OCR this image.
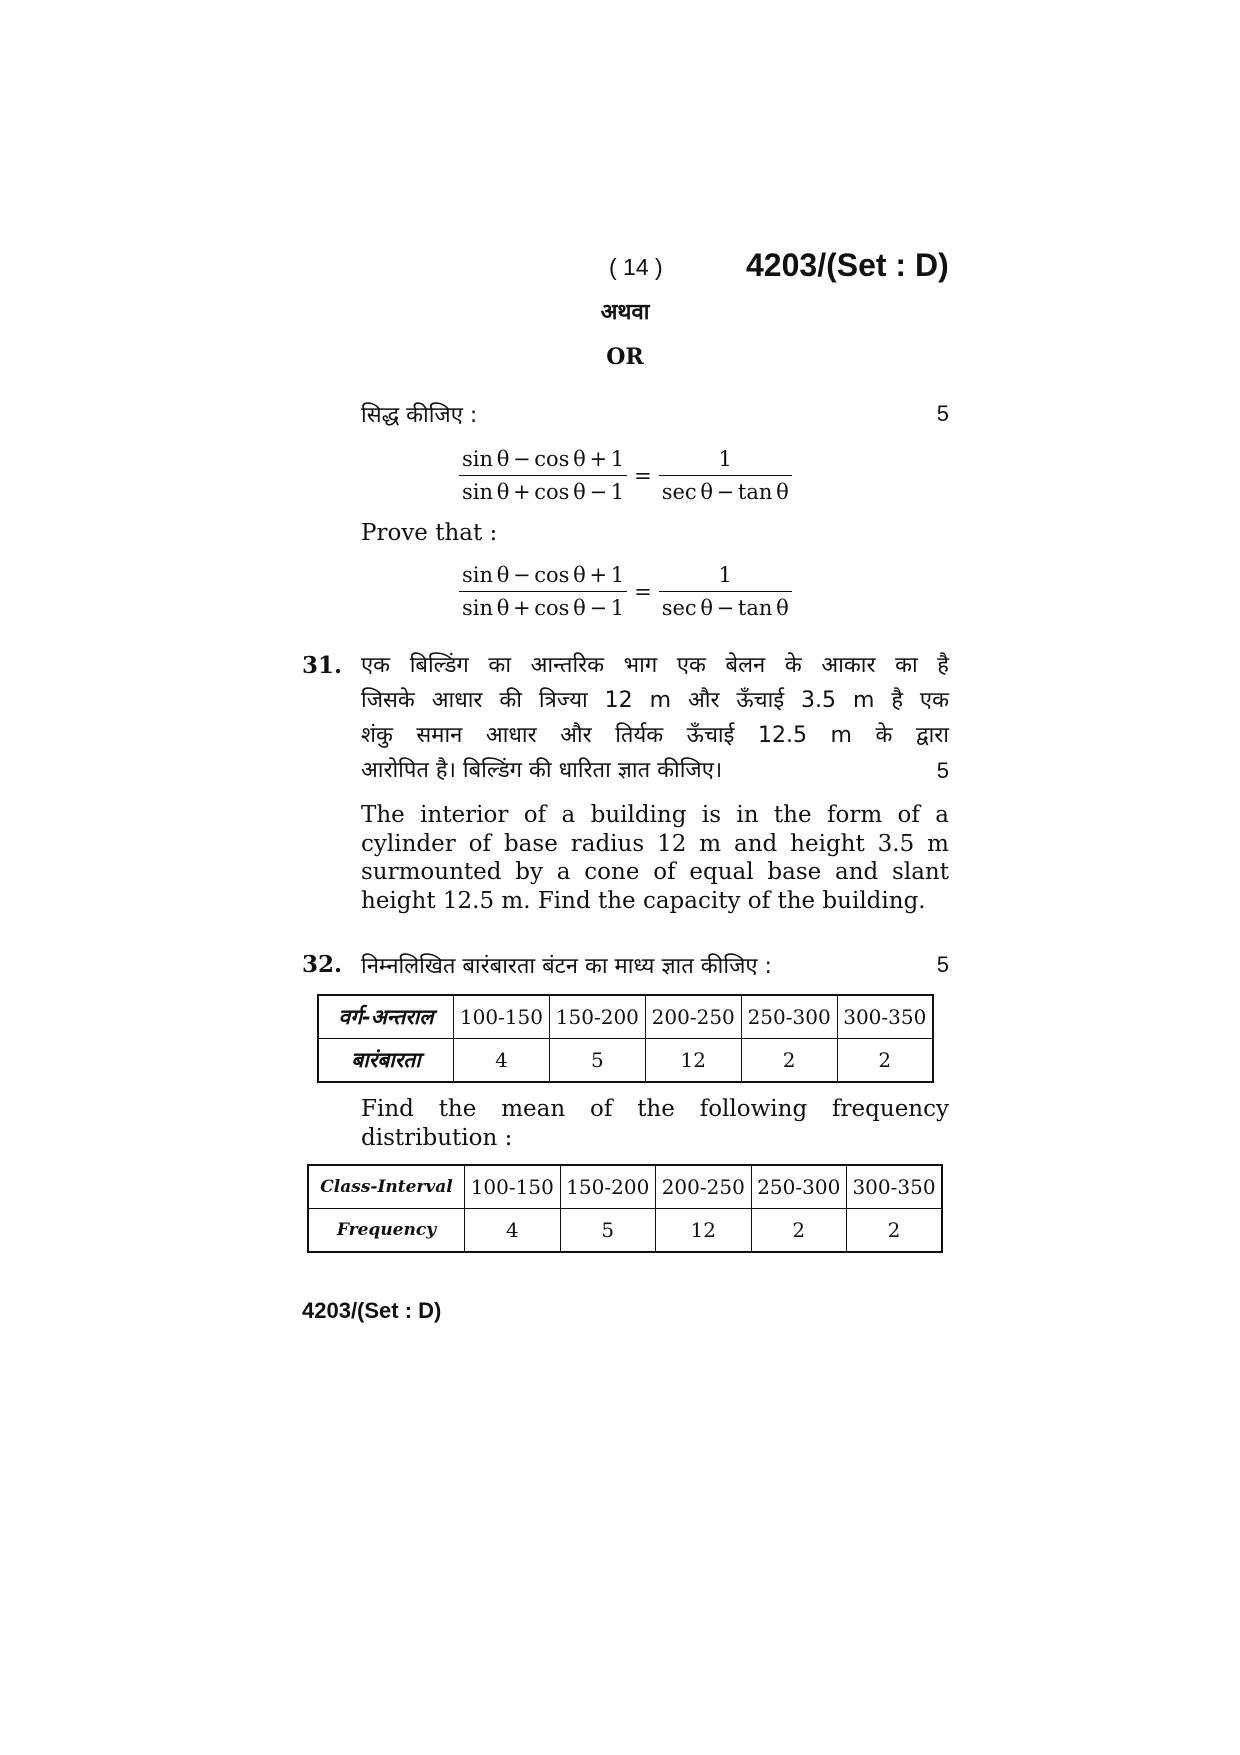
( 14 )	4203/(Set : D)
अथवा
OR
सिद्ध कीजिए :	5
$\frac{\text{sin θ − cos θ + 1}}{\text{sin θ + cos θ − 1}} = \frac{1}{\text{sec θ − tan θ}}$
Prove that :
$\frac{\text{sin θ − cos θ + 1}}{\text{sin θ + cos θ − 1}} = \frac{1}{\text{sec θ − tan θ}}$
31. एक बिल्डिंग का आन्तरिक भाग एक बेलन के आकार का है
जिसके आधार की त्रिज्या 12 m और ऊँचाई 3.5 m है एक
शंकु समान आधार और तिर्यक ऊँचाई 12.5 m के द्वारा
आरोपित है। बिल्डिंग की धारिता ज्ञात कीजिए।	5
The interior of a building is in the form of a
cylinder of base radius 12 m and height 3.5 m
surmounted by a cone of equal base and slant
height 12.5 m. Find the capacity of the building.
32. निम्नलिखित बारंबारता बंटन का माध्य ज्ञात कीजिए :	5
वर्ग-अन्तराल	100-150	150-200	200-250	250-300	300-350
बारंबारता	4	5	12	2	2
Find the mean of the following frequency
distribution :
Class-Interval	100-150	150-200	200-250	250-300	300-350
Frequency	4	5	12	2	2
4203/(Set : D)
